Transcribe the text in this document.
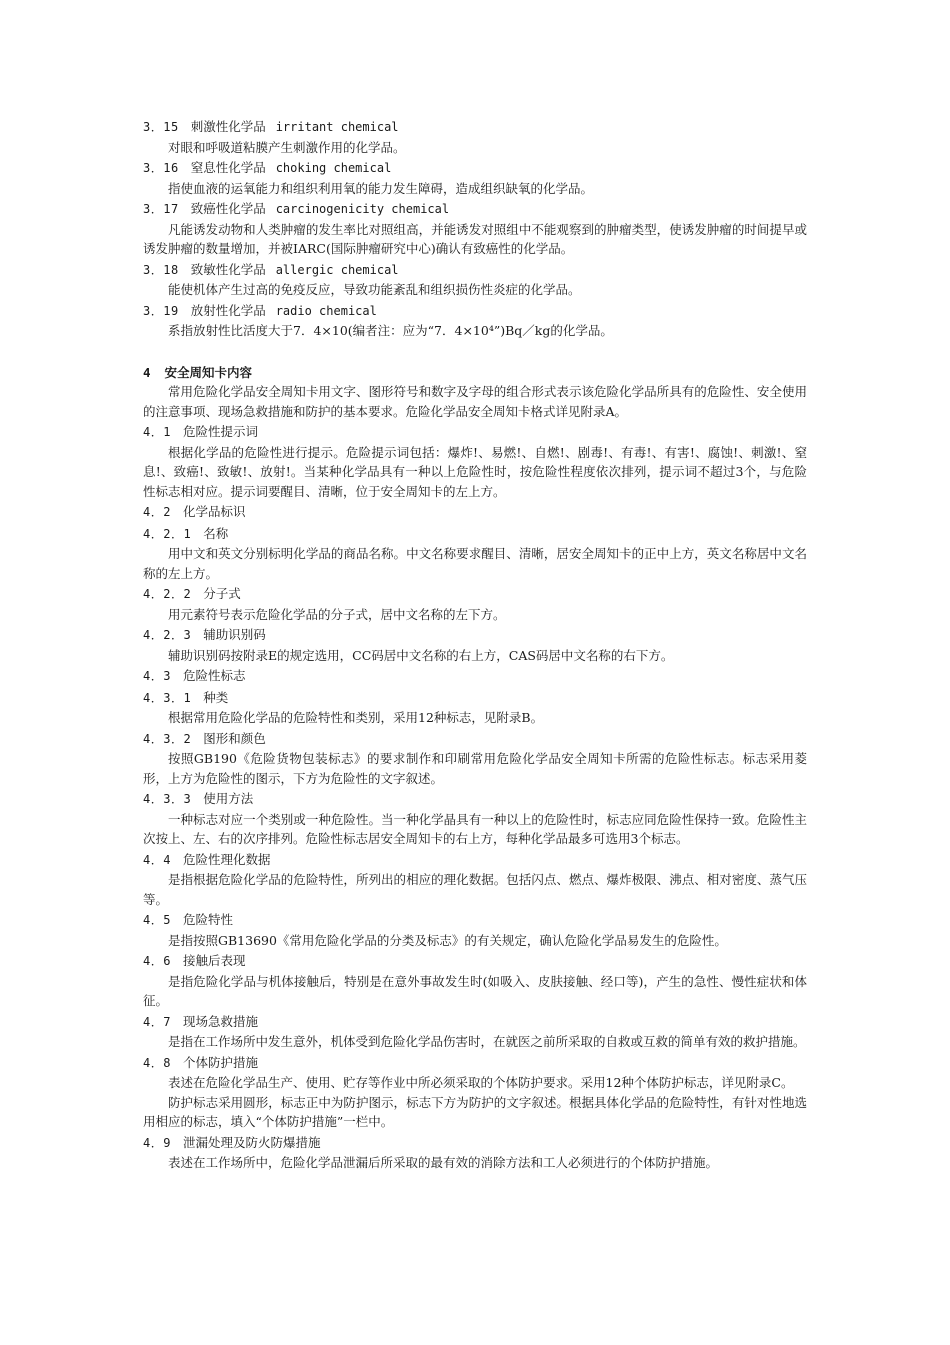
3．15 刺激性化学品 irritant chemical

对眼和呼吸道粘膜产生刺激作用的化学品。

3．16 窒息性化学品 choking chemical

指使血液的运氧能力和组织利用氧的能力发生障碍，造成组织缺氧的化学品。

3．17 致癌性化学品 carcinogenicity chemical

凡能诱发动物和人类肿瘤的发生率比对照组高，并能诱发对照组中不能观察到的肿瘤类型，使诱发肿瘤的时间提早或诱发肿瘤的数量增加，并被IARC(国际肿瘤研究中心)确认有致癌性的化学品。

3．18 致敏性化学品 allergic chemical

能使机体产生过高的免疫反应，导致功能紊乱和组织损伤性炎症的化学品。

3．19 放射性化学品 radio chemical

系指放射性比活度大于7．4×10(编者注：应为“7．4×10⁴”)Bq／kg的化学品。

4 安全周知卡内容

常用危险化学品安全周知卡用文字、图形符号和数字及字母的组合形式表示该危险化学品所具有的危险性、安全使用的注意事项、现场急救措施和防护的基本要求。危险化学品安全周知卡格式详见附录A。

4．1 危险性提示词

根据化学品的危险性进行提示。危险提示词包括：爆炸!、易燃!、自燃!、剧毒!、有毒!、有害!、腐蚀!、刺激!、窒息!、致癌!、致敏!、放射!。当某种化学品具有一种以上危险性时，按危险性程度依次排列，提示词不超过3个，与危险性标志相对应。提示词要醒目、清晰，位于安全周知卡的左上方。

4．2 化学品标识
4．2．1 名称

用中文和英文分别标明化学品的商品名称。中文名称要求醒目、清晰，居安全周知卡的正中上方，英文名称居中文名称的左上方。

4．2．2 分子式

用元素符号表示危险化学品的分子式，居中文名称的左下方。

4．2．3 辅助识别码

辅助识别码按附录E的规定选用，CC码居中文名称的右上方，CAS码居中文名称的右下方。

4．3 危险性标志
4．3．1 种类

根据常用危险化学品的危险特性和类别，采用12种标志，见附录B。

4．3．2 图形和颜色

按照GB190《危险货物包装标志》的要求制作和印刷常用危险化学品安全周知卡所需的危险性标志。标志采用菱形，上方为危险性的图示，下方为危险性的文字叙述。

4．3．3 使用方法

一种标志对应一个类别或一种危险性。当一种化学晶具有一种以上的危险性时，标志应同危险性保持一致。危险性主次按上、左、右的次序排列。危险性标志居安全周知卡的右上方，每种化学品最多可选用3个标志。

4．4 危险性理化数据

是指根据危险化学品的危险特性，所列出的相应的理化数据。包括闪点、燃点、爆炸极限、沸点、相对密度、蒸气压等。

4．5 危险特性

是指按照GB13690《常用危险化学品的分类及标志》的有关规定，确认危险化学品易发生的危险性。

4．6 接触后表现

是指危险化学品与机体接触后，特别是在意外事故发生时(如吸入、皮肤接触、经口等)，产生的急性、慢性症状和体征。

4．7 现场急救措施

是指在工作场所中发生意外，机体受到危险化学品伤害时，在就医之前所采取的自救或互救的简单有效的救护措施。

4．8 个体防护措施

表述在危险化学品生产、使用、贮存等作业中所必须采取的个体防护要求。采用12种个体防护标志，详见附录C。

防护标志采用圆形，标志正中为防护图示，标志下方为防护的文字叙述。根据具体化学品的危险特性，有针对性地选用相应的标志，填入“个体防护措施”一栏中。

4．9 泄漏处理及防火防爆措施

表述在工作场所中，危险化学品泄漏后所采取的最有效的消除方法和工人必须进行的个体防护措施。
